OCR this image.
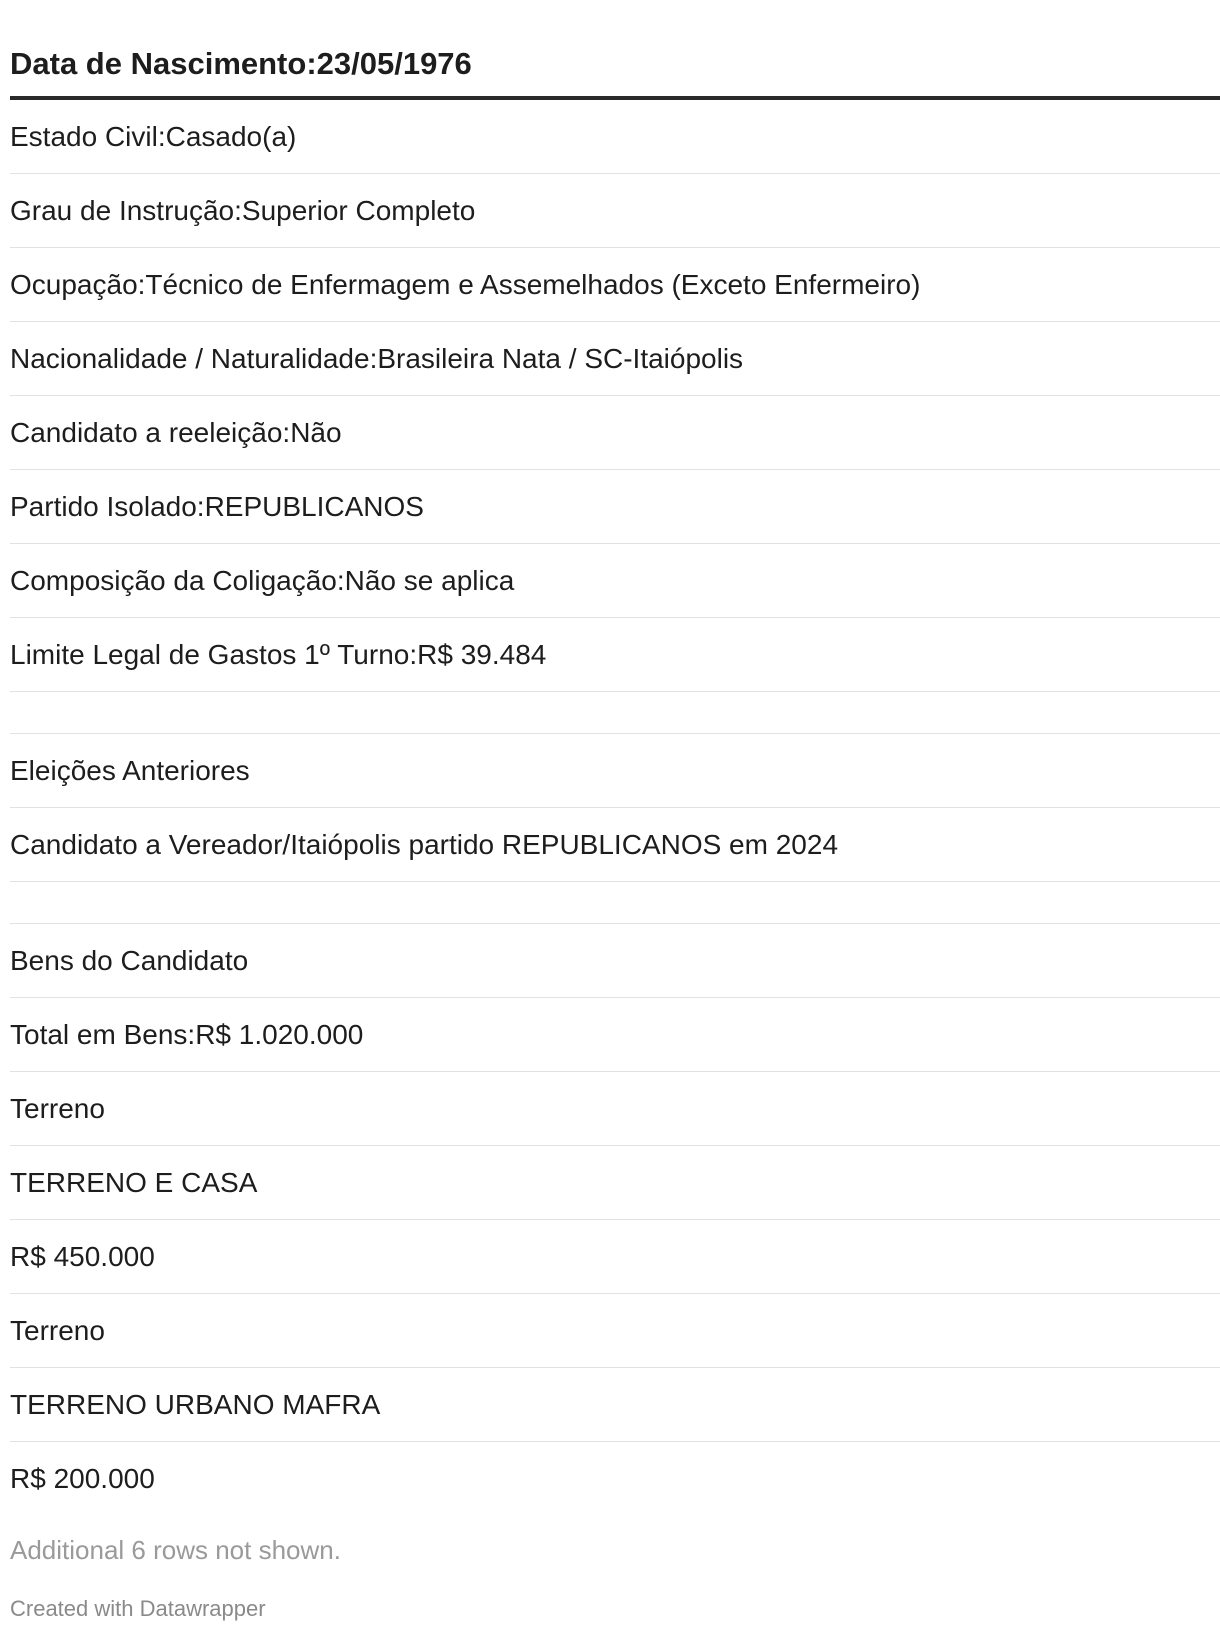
Data de Nascimento:23/05/1976
Estado Civil:Casado(a)
Grau de Instrução:Superior Completo
Ocupação:Técnico de Enfermagem e Assemelhados (Exceto Enfermeiro)
Nacionalidade / Naturalidade:Brasileira Nata / SC-Itaiópolis
Candidato a reeleição:Não
Partido Isolado:REPUBLICANOS
Composição da Coligação:Não se aplica
Limite Legal de Gastos 1º Turno:R$ 39.484
Eleições Anteriores
Candidato a Vereador/Itaiópolis partido REPUBLICANOS em 2024
Bens do Candidato
Total em Bens:R$ 1.020.000
Terreno
TERRENO E CASA
R$ 450.000
Terreno
TERRENO URBANO MAFRA
R$ 200.000
Additional 6 rows not shown.
Created with Datawrapper
